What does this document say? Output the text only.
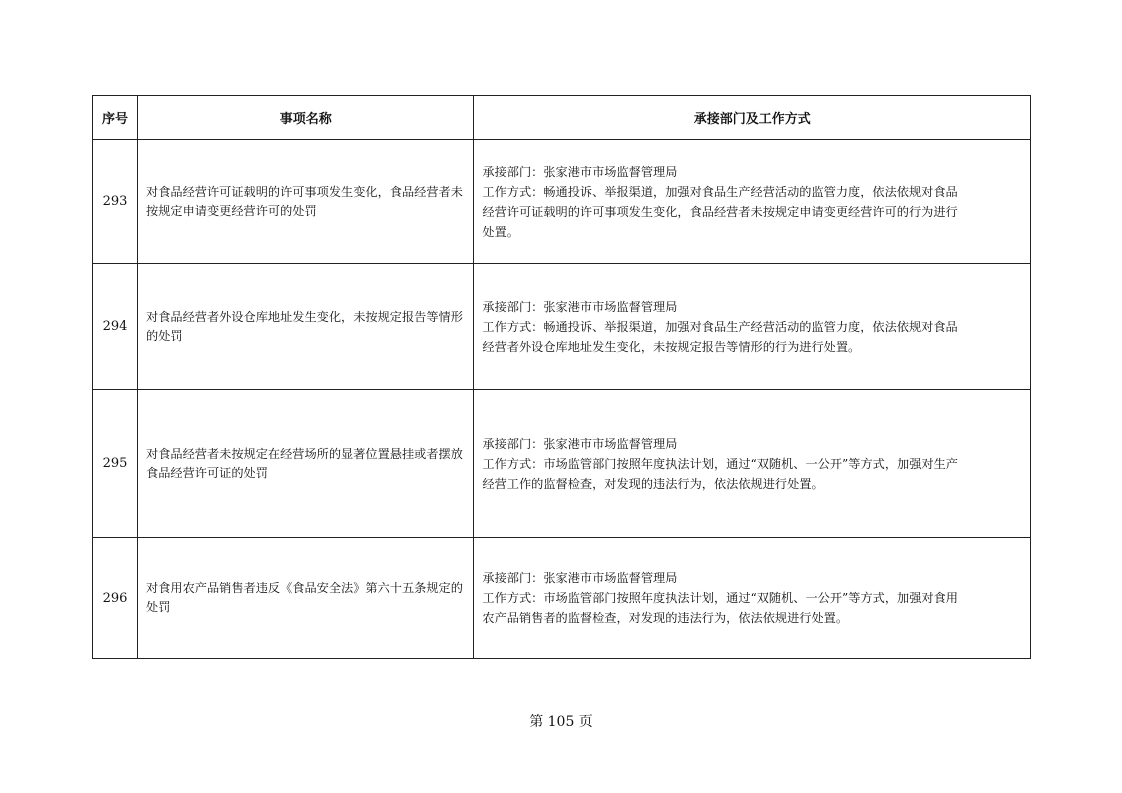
序号	事项名称	承接部门及工作方式
293	对食品经营许可证载明的许可事项发生变化，食品经营者未按规定申请变更经营许可的处罚	承接部门：张家港市市场监督管理局
工作方式：畅通投诉、举报渠道，加强对食品生产经营活动的监管力度，依法依规对食品
经营许可证载明的许可事项发生变化，食品经营者未按规定申请变更经营许可的行为进行
处置。

294	对食品经营者外设仓库地址发生变化，未按规定报告等情形的处罚	承接部门：张家港市市场监督管理局
工作方式：畅通投诉、举报渠道，加强对食品生产经营活动的监管力度，依法依规对食品
经营者外设仓库地址发生变化，未按规定报告等情形的行为进行处置。

295	对食品经营者未按规定在经营场所的显著位置悬挂或者摆放食品经营许可证的处罚	承接部门：张家港市市场监督管理局
工作方式：市场监管部门按照年度执法计划，通过“双随机、一公开”等方式，加强对生产
经营工作的监督检查，对发现的违法行为，依法依规进行处置。

296	对食用农产品销售者违反《食品安全法》第六十五条规定的处罚	承接部门：张家港市市场监督管理局
工作方式：市场监管部门按照年度执法计划，通过“双随机、一公开”等方式，加强对食用
农产品销售者的监督检查，对发现的违法行为，依法依规进行处置。
第 105 页
